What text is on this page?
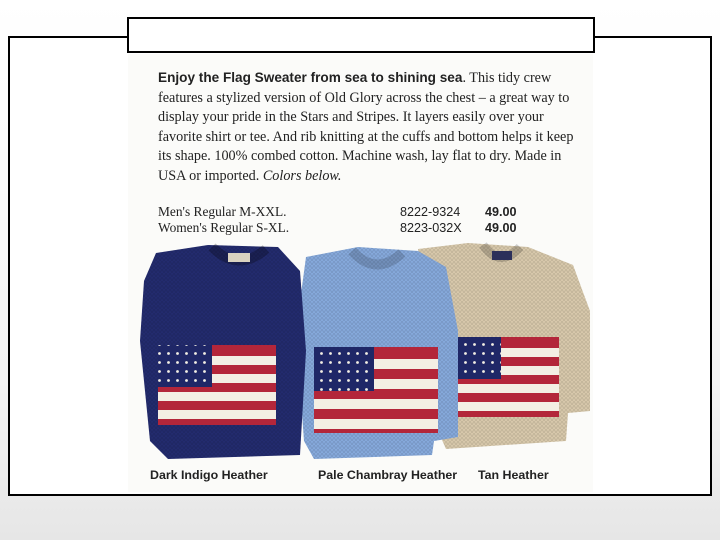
Enjoy the Flag Sweater from sea to shining sea. This tidy crew features a stylized version of Old Glory across the chest – a great way to display your pride in the Stars and Stripes. It layers easily over your favorite shirt or tee. And rib knitting at the cuffs and bottom helps it keep its shape. 100% combed cotton. Machine wash, lay flat to dry. Made in USA or imported. Colors below.
Men's Regular M-XXL.	8222-9324 49.00
Women's Regular S-XL.	8223-032X 49.00
Dark Indigo Heather	Pale Chambray Heather Tan Heather
